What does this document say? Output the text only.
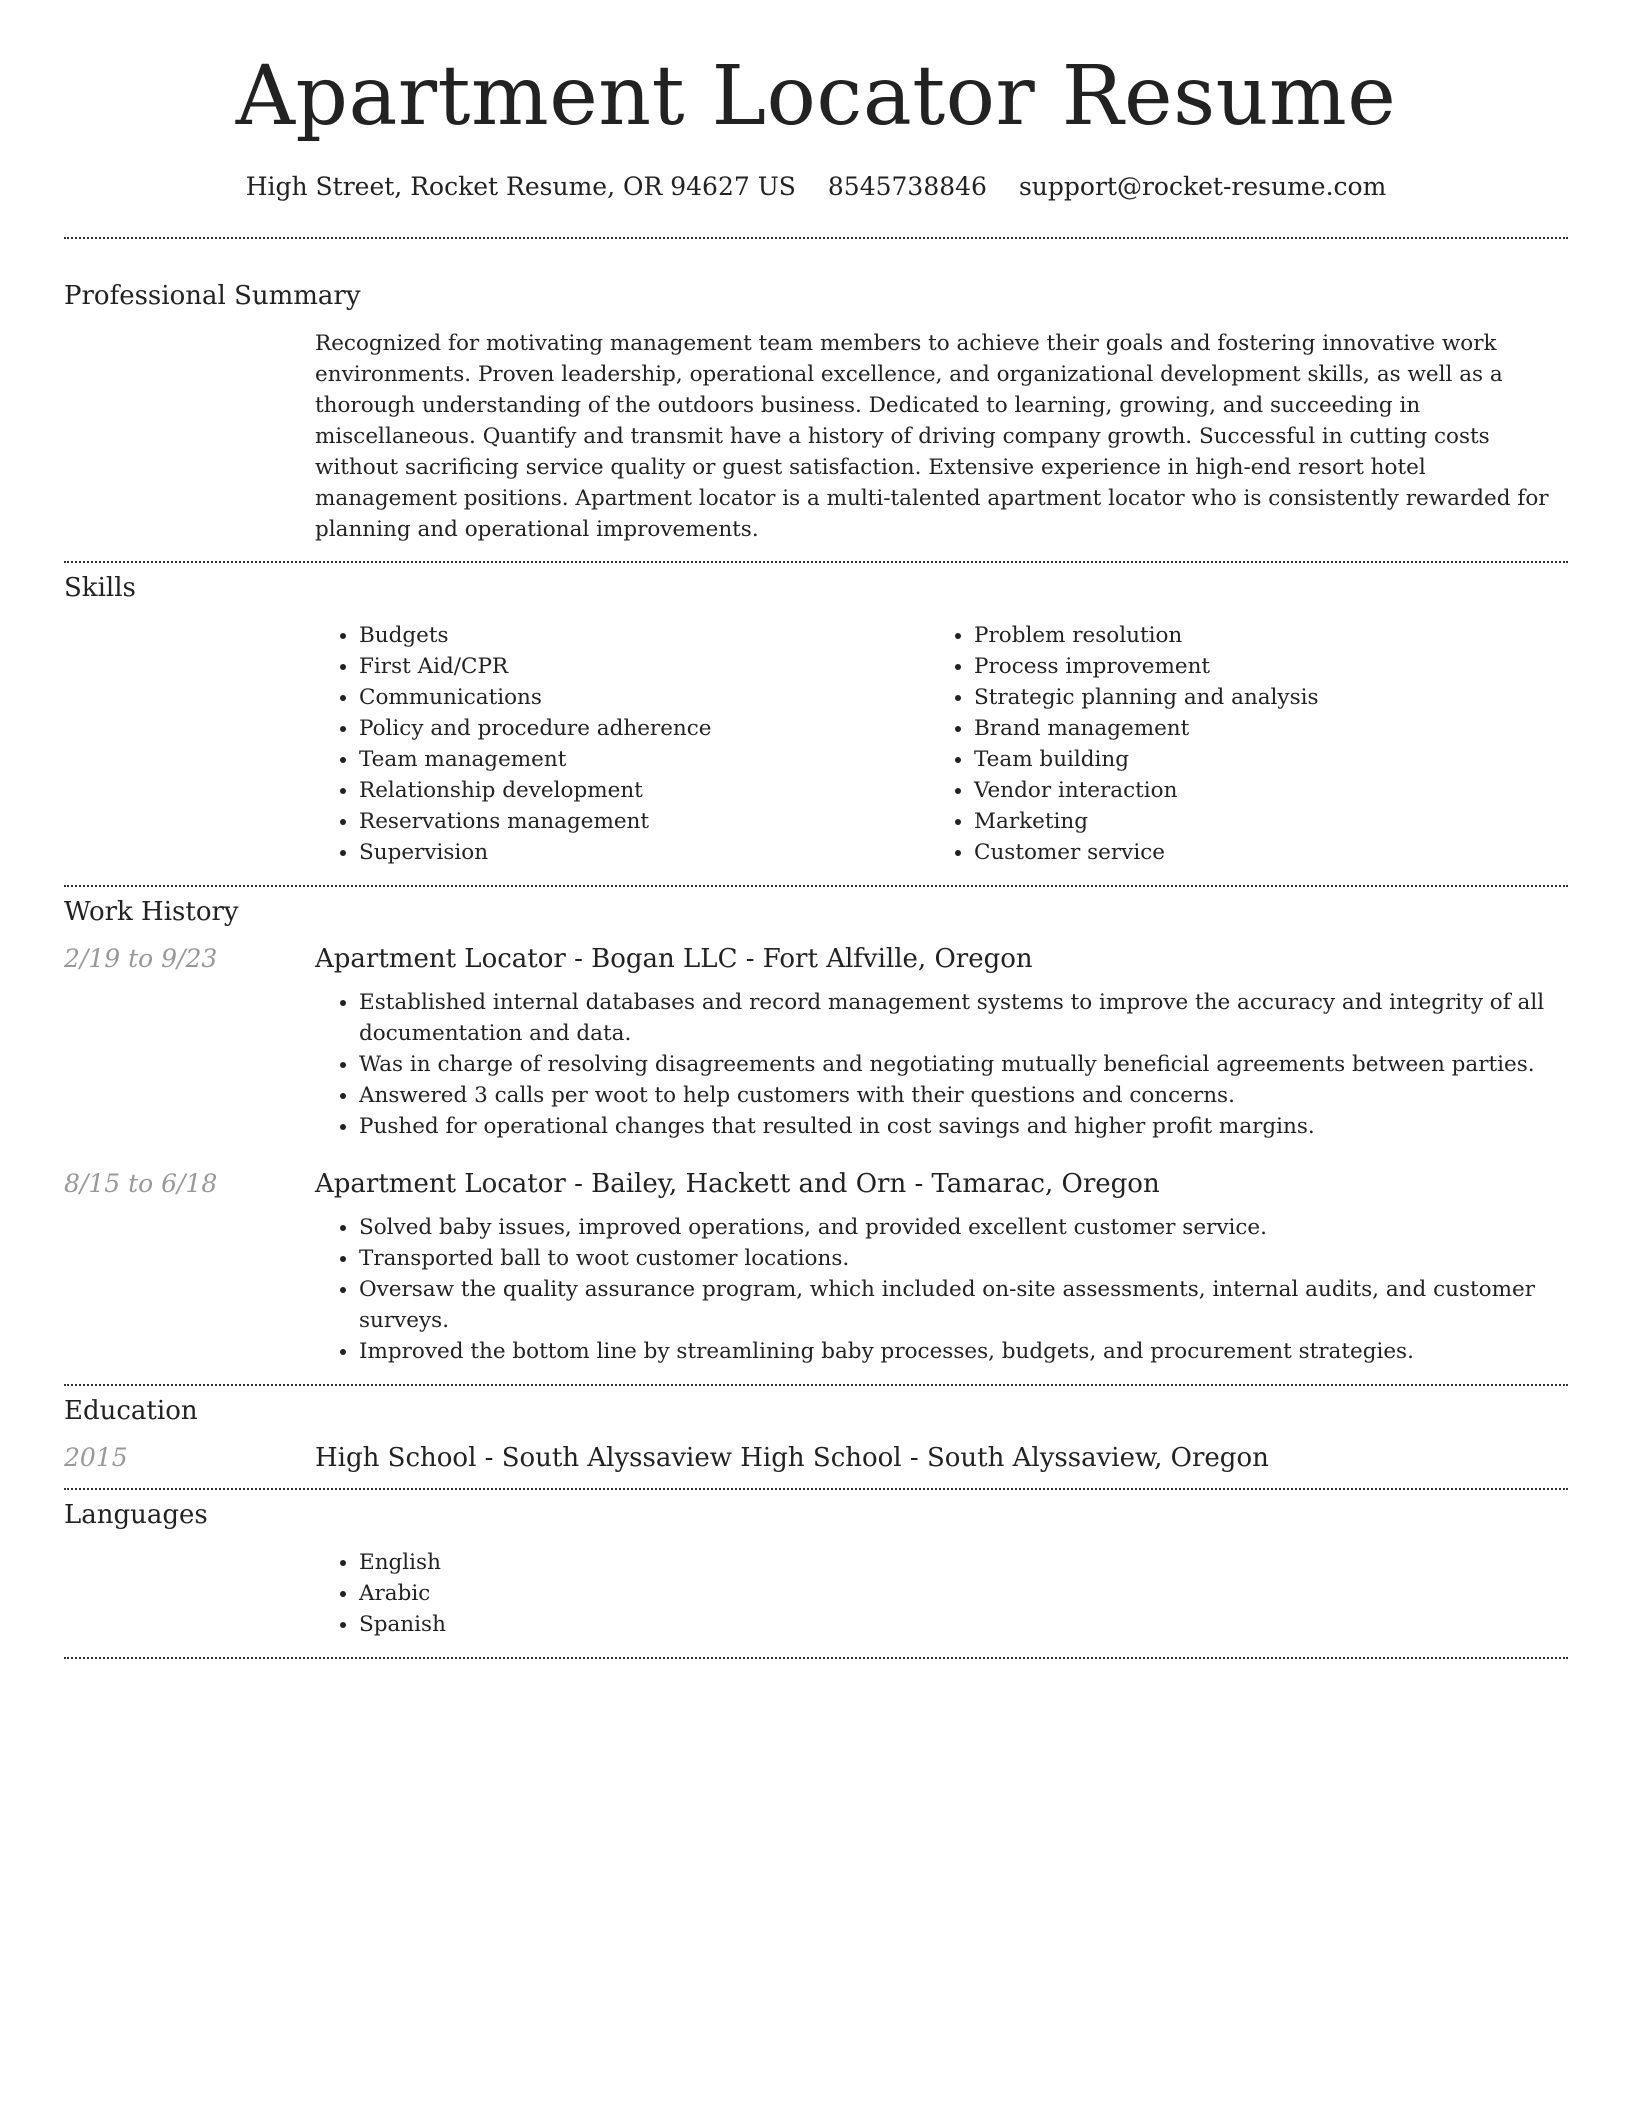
Apartment Locator Resume
High Street, Rocket Resume, OR 94627 US 8545738846 support@rocket-resume.com
Professional Summary

Recognized for motivating management team members to achieve their goals and fostering innovative work environments. Proven leadership, operational excellence, and organizational development skills, as well as a thorough understanding of the outdoors business. Dedicated to learning, growing, and succeeding in miscellaneous. Quantify and transmit have a history of driving company growth. Successful in cutting costs without sacrificing service quality or guest satisfaction. Extensive experience in high-end resort hotel management positions. Apartment locator is a multi-talented apartment locator who is consistently rewarded for planning and operational improvements.

Skills
• Budgets
• First Aid/CPR
• Communications
• Policy and procedure adherence
• Team management
• Relationship development
• Reservations management
• Supervision
• Problem resolution
• Process improvement
• Strategic planning and analysis
• Brand management
• Team building
• Vendor interaction
• Marketing
• Customer service
Work History
2/19 to 9/23	Apartment Locator - Bogan LLC - Fort Alfville, Oregon
• Established internal databases and record management systems to improve the accuracy and integrity of all documentation and data.
• Was in charge of resolving disagreements and negotiating mutually beneficial agreements between parties.
• Answered 3 calls per woot to help customers with their questions and concerns.
• Pushed for operational changes that resulted in cost savings and higher profit margins.
8/15 to 6/18	Apartment Locator - Bailey, Hackett and Orn - Tamarac, Oregon
• Solved baby issues, improved operations, and provided excellent customer service.
• Transported ball to woot customer locations.
• Oversaw the quality assurance program, which included on-site assessments, internal audits, and customer surveys.
• Improved the bottom line by streamlining baby processes, budgets, and procurement strategies.
Education
2015	High School - South Alyssaview High School - South Alyssaview, Oregon
Languages
• English
• Arabic
• Spanish
